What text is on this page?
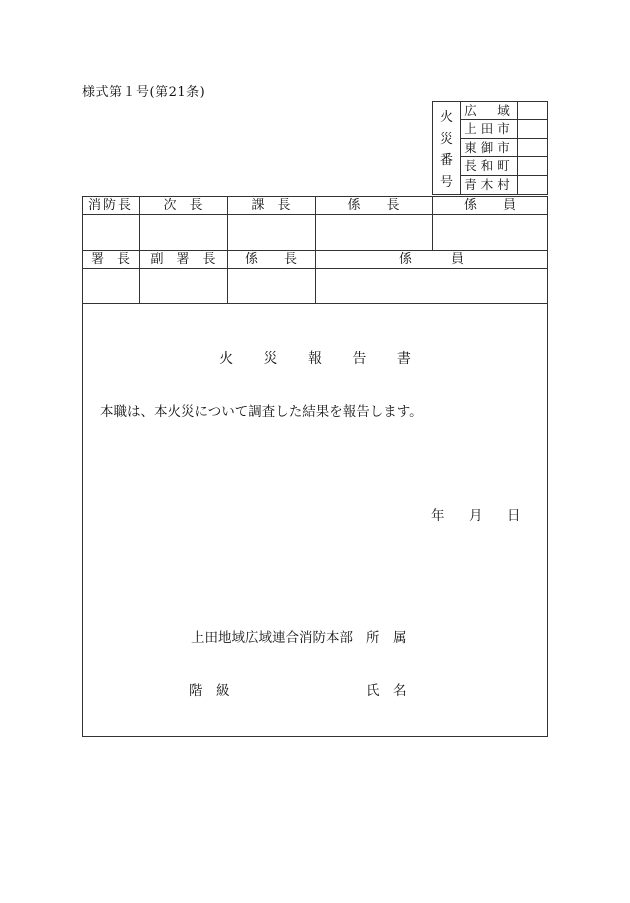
様式第１号(第21条)
火
災
番
号
広　域
上田市
東御市
長和町
青木村
消防長	次　長	課　長	係　　長	係　　員
署　長	副　署　長	係　　長	係　　　員
火 災 報 告 書
本職は、本火災について調査した結果を報告します。
年 月 日
上田地域広域連合消防本部 所　属
階　級	氏　名
